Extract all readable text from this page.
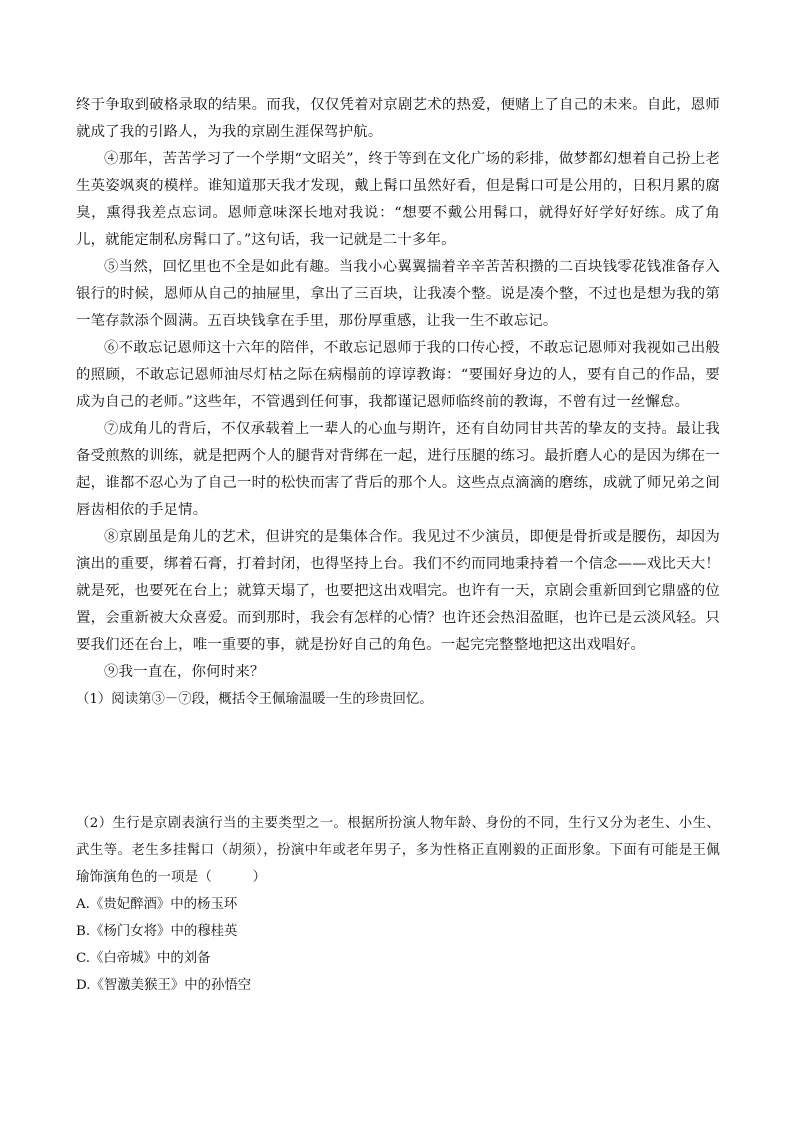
终于争取到破格录取的结果。而我，仅仅凭着对京剧艺术的热爱，便赌上了自己的未来。自此，恩师就成了我的引路人，为我的京剧生涯保驾护航。

④那年，苦苦学习了一个学期“文昭关”，终于等到在文化广场的彩排，做梦都幻想着自己扮上老生英姿飒爽的模样。谁知道那天我才发现，戴上髯口虽然好看，但是髯口可是公用的，日积月累的腐臭，熏得我差点忘词。恩师意味深长地对我说：“想要不戴公用髯口，就得好好学好好练。成了角儿，就能定制私房髯口了。”这句话，我一记就是二十多年。

⑤当然，回忆里也不全是如此有趣。当我小心翼翼揣着辛辛苦苦积攒的二百块钱零花钱准备存入银行的时候，恩师从自己的抽屉里，拿出了三百块，让我凑个整。说是凑个整，不过也是想为我的第一笔存款添个圆满。五百块钱拿在手里，那份厚重感，让我一生不敢忘记。

⑥不敢忘记恩师这十六年的陪伴，不敢忘记恩师于我的口传心授，不敢忘记恩师对我视如己出般的照顾，不敢忘记恩师油尽灯枯之际在病榻前的谆谆教诲：“要围好身边的人，要有自己的作品，要成为自己的老师。”这些年，不管遇到任何事，我都谨记恩师临终前的教诲，不曾有过一丝懈怠。

⑦成角儿的背后，不仅承载着上一辈人的心血与期许，还有自幼同甘共苦的挚友的支持。最让我备受煎熬的训练，就是把两个人的腿背对背绑在一起，进行压腿的练习。最折磨人心的是因为绑在一起，谁都不忍心为了自己一时的松快而害了背后的那个人。这些点点滴滴的磨练，成就了师兄弟之间唇齿相依的手足情。

⑧京剧虽是角儿的艺术，但讲究的是集体合作。我见过不少演员，即便是骨折或是腰伤，却因为演出的重要，绑着石膏，打着封闭，也得坚持上台。我们不约而同地秉持着一个信念——戏比天大！就是死，也要死在台上；就算天塌了，也要把这出戏唱完。也许有一天，京剧会重新回到它鼎盛的位置，会重新被大众喜爱。而到那时，我会有怎样的心情？也许还会热泪盈眶，也许已是云淡风轻。只要我们还在台上，唯一重要的事，就是扮好自己的角色。一起完完整整地把这出戏唱好。

⑨我一直在，你何时来？

（1）阅读第③－⑦段，概括令王佩瑜温暖一生的珍贵回忆。

（2）生行是京剧表演行当的主要类型之一。根据所扮演人物年龄、身份的不同，生行又分为老生、小生、武生等。老生多挂髯口（胡须），扮演中年或老年男子，多为性格正直刚毅的正面形象。下面有可能是王佩瑜饰演角色的一项是（　　　）

A.《贵妃醉酒》中的杨玉环

B.《杨门女将》中的穆桂英

C.《白帝城》中的刘备

D.《智激美猴王》中的孙悟空
